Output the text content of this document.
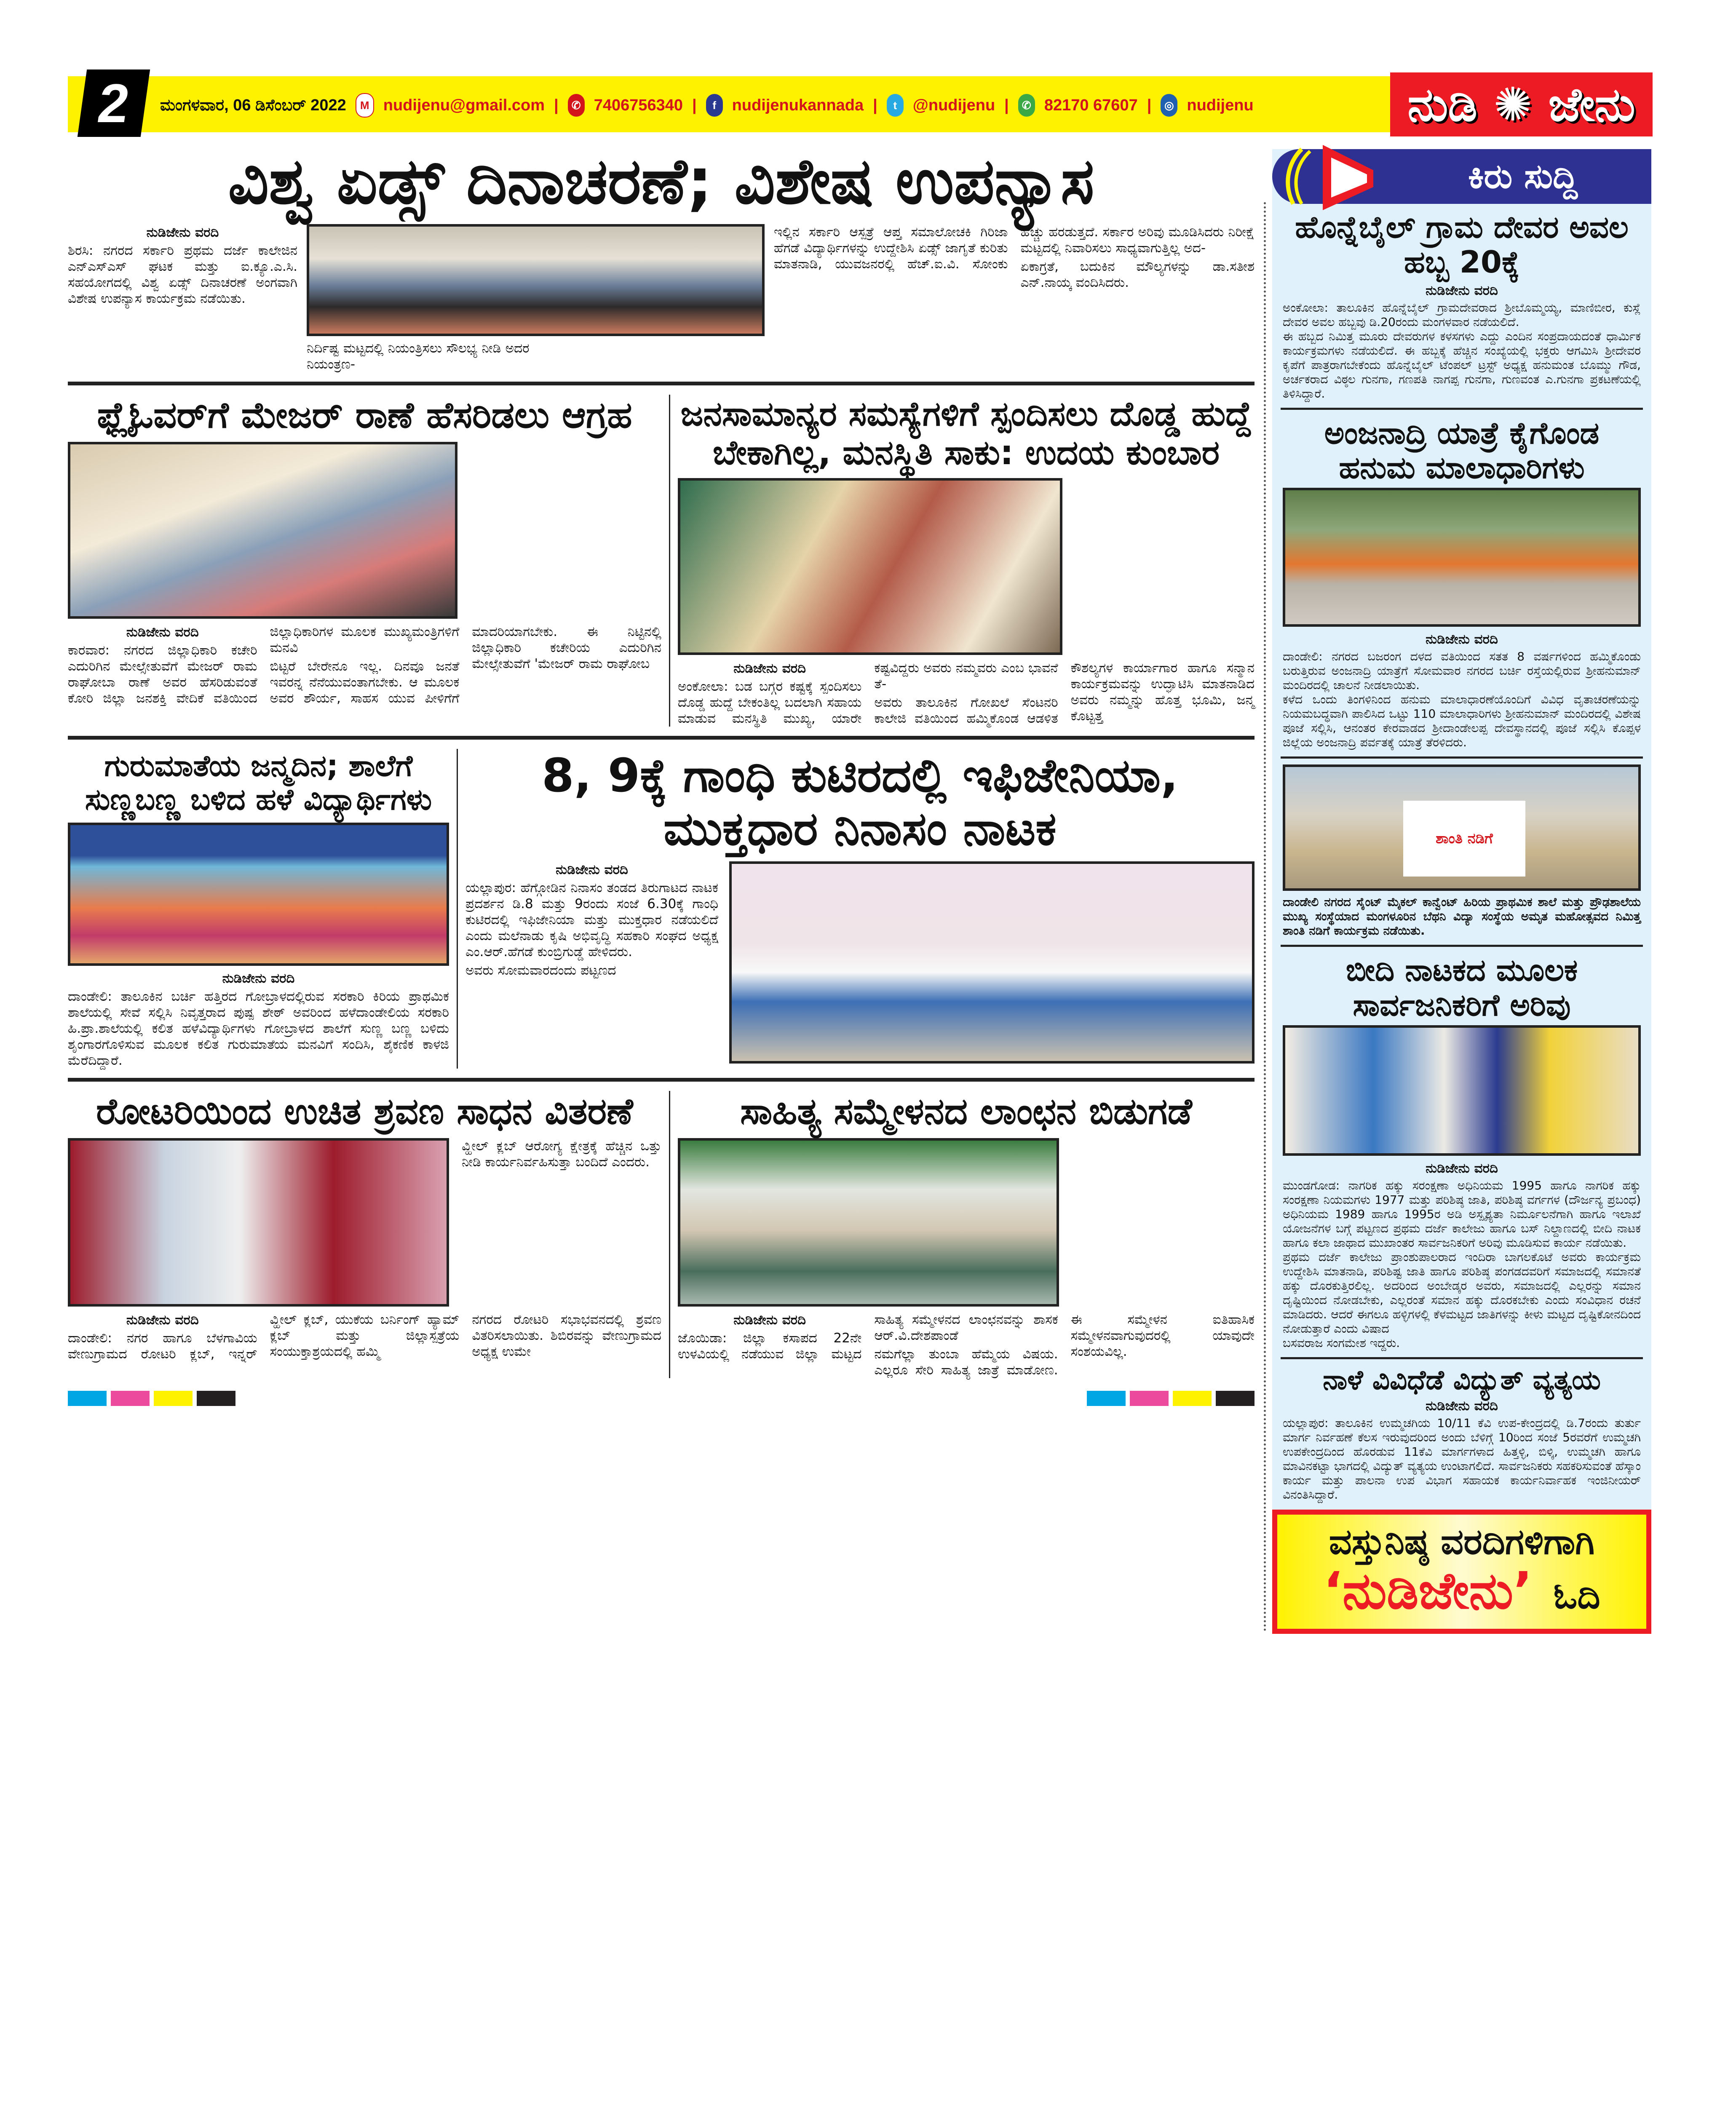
2	ಮಂಗಳವಾರ, 06 ಡಿಸೆಂಬರ್ 2022	M nudijenu@gmail.com |	✆ 7406756340 |	f nudijenukannada |	t @nudijenu |	✆ 82170 67607 |	◎ nudijenu	ನುಡಿ ✺ ಜೇನು
ವಿಶ್ವ ಏಡ್ಸ್ ದಿನಾಚರಣೆ; ವಿಶೇಷ ಉಪನ್ಯಾಸ
ನುಡಿಜೇನು ವರದಿ
ಶಿರಸಿ: ನಗರದ ಸರ್ಕಾರಿ ಪ್ರಥಮ ದರ್ಜೆ ಕಾಲೇಜಿನ ಎನ್‌ಎಸ್‌ಎಸ್ ಘಟಕ ಮತ್ತು ಐ.ಕ್ಯೂ.ಎ.ಸಿ. ಸಹಯೋಗದಲ್ಲಿ ವಿಶ್ವ ಏಡ್ಸ್ ದಿನಾಚರಣೆ ಅಂಗವಾಗಿ ವಿಶೇಷ ಉಪನ್ಯಾಸ ಕಾರ್ಯಕ್ರಮ ನಡೆಯಿತು.
ನಿರ್ದಿಷ್ಟ ಮಟ್ಟದಲ್ಲಿ ನಿಯಂತ್ರಿಸಲು ಸೌಲಭ್ಯ ನೀಡಿ ಅದರ ನಿಯಂತ್ರಣ-

ಇಲ್ಲಿನ ಸರ್ಕಾರಿ ಆಸ್ಪತ್ರೆ ಆಪ್ತ ಸಮಾಲೋಚಕಿ ಗಿರಿಜಾ ಹೆಗಡೆ ವಿದ್ಯಾರ್ಥಿಗಳನ್ನು ಉದ್ದೇಶಿಸಿ ಏಡ್ಸ್ ಜಾಗೃತೆ ಕುರಿತು ಮಾತನಾಡಿ, ಯುವಜನರಲ್ಲಿ ಹೆಚ್.ಐ.ವಿ. ಸೋಂಕು ಹೆಚ್ಚು ಹರಡುತ್ತದೆ. ಸರ್ಕಾರ ಅರಿವು ಮೂಡಿಸಿದರು ನಿರೀಕ್ಷೆ ಮಟ್ಟದಲ್ಲಿ ನಿವಾರಿಸಲು ಸಾಧ್ಯವಾಗುತ್ತಿಲ್ಲ ಅದ-

ಏಕಾಗ್ರತೆ, ಬದುಕಿನ ಮೌಲ್ಯಗಳನ್ನು ಡಾ.ಸತೀಶ ಎನ್.ನಾಯ್ಕ ವಂದಿಸಿದರು.

ಫ್ಲೈಓವರ್‌ಗೆ ಮೇಜರ್ ರಾಣೆ ಹೆಸರಿಡಲು ಆಗ್ರಹ
ನುಡಿಜೇನು ವರದಿ

ಕಾರವಾರ: ನಗರದ ಜಿಲ್ಲಾಧಿಕಾರಿ ಕಚೇರಿ ಎದುರಿಗಿನ ಮೇಲ್ಸೇತುವೆಗೆ ಮೇಜರ್ ರಾಮ ರಾಘೋಬಾ ರಾಣೆ ಅವರ ಹೆಸರಿಡುವಂತೆ ಕೋರಿ ಜಿಲ್ಲಾ ಜನಶಕ್ತಿ ವೇದಿಕೆ ವತಿಯಿಂದ ಜಿಲ್ಲಾಧಿಕಾರಿಗಳ ಮೂಲಕ ಮುಖ್ಯಮಂತ್ರಿಗಳಿಗೆ ಮನವಿ

ಬಿಟ್ಟರೆ ಬೇರೇನೂ ಇಲ್ಲ. ದಿನವೂ ಜನತೆ ಇವರನ್ನ ನೆನೆಯುವಂತಾಗಬೇಕು. ಆ ಮೂಲಕ ಅವರ ಶೌರ್ಯ, ಸಾಹಸ ಯುವ ಪೀಳಿಗೆಗೆ ಮಾದರಿಯಾಗಬೇಕು. ಈ ನಿಟ್ಟಿನಲ್ಲಿ ಜಿಲ್ಲಾಧಿಕಾರಿ ಕಚೇರಿಯ ಎದುರಿಗಿನ ಮೇಲ್ಸೇತುವೆಗೆ 'ಮೇಜರ್ ರಾಮ ರಾಘೋಬ

ಜನಸಾಮಾನ್ಯರ ಸಮಸ್ಯೆಗಳಿಗೆ ಸ್ಪಂದಿಸಲು ದೊಡ್ಡ ಹುದ್ದೆ ಬೇಕಾಗಿಲ್ಲ, ಮನಸ್ಥಿತಿ ಸಾಕು: ಉದಯ ಕುಂಬಾರ
ನುಡಿಜೇನು ವರದಿ

ಅಂಕೋಲಾ: ಬಡ ಬಗ್ಗರ ಕಷ್ಟಕ್ಕೆ ಸ್ಪಂದಿಸಲು ದೊಡ್ಡ ಹುದ್ದೆ ಬೇಕಂತಿಲ್ಲ ಬದಲಾಗಿ ಸಹಾಯ ಮಾಡುವ ಮನಸ್ಥಿತಿ ಮುಖ್ಯ, ಯಾರೇ ಕಷ್ಟವಿದ್ದರು ಅವರು ನಮ್ಮವರು ಎಂಬ ಭಾವನೆ ತೆ-

ಅವರು ತಾಲೂಕಿನ ಗೋಖಲೆ ಸೆಂಟನರಿ ಕಾಲೇಜಿ ವತಿಯಿಂದ ಹಮ್ಮಿಕೊಂಡ ಆಡಳಿತ ಕೌಶಲ್ಯಗಳ ಕಾರ್ಯಾಗಾರ ಹಾಗೂ ಸನ್ಮಾನ ಕಾರ್ಯಕ್ರಮವನ್ನು ಉದ್ಘಾಟಿಸಿ ಮಾತನಾಡಿದ ಅವರು ನಮ್ಮನ್ನು ಹೊತ್ತ ಭೂಮಿ, ಜನ್ಮ ಕೊಟ್ಟತ್ತ

ಗುರುಮಾತೆಯ ಜನ್ಮದಿನ; ಶಾಲೆಗೆ ಸುಣ್ಣಬಣ್ಣ ಬಳಿದ ಹಳೆ ವಿದ್ಯಾರ್ಥಿಗಳು
ನುಡಿಜೇನು ವರದಿ
ದಾಂಡೇಲಿ: ತಾಲೂಕಿನ ಬರ್ಚಿ ಹತ್ತಿರದ ಗೋಬ್ರಾಳದಲ್ಲಿರುವ ಸರಕಾರಿ ಕಿರಿಯ ಪ್ರಾಥಮಿಕ ಶಾಲೆಯಲ್ಲಿ ಸೇವೆ ಸಲ್ಲಿಸಿ ನಿವೃತ್ತರಾದ ಪುಷ್ಪ ಶೇಠ್ ಅವರಿಂದ ಹಳೆದಾಂಡೇಲಿಯ ಸರಕಾರಿ ಹಿ.ಪ್ರಾ.ಶಾಲೆಯಲ್ಲಿ ಕಲಿತ ಹಳೆವಿದ್ಯಾರ್ಥಿಗಳು ಗೋಬ್ರಾಳದ ಶಾಲೆಗೆ ಸುಣ್ಣ ಬಣ್ಣ ಬಳಿದು ಶೃಂಗಾರಗೊಳಿಸುವ ಮೂಲಕ ಕಲಿತ ಗುರುಮಾತೆಯ ಮನವಿಗೆ ಸಂದಿಸಿ, ಶೈಕಣಿಕ ಕಾಳಜಿ ಮೆರೆದಿದ್ದಾರೆ.
8, 9ಕ್ಕೆ ಗಾಂಧಿ ಕುಟಿರದಲ್ಲಿ ಇಫಿಜೇನಿಯಾ, ಮುಕ್ತಧಾರ ನಿನಾಸಂ ನಾಟಕ
ನುಡಿಜೇನು ವರದಿ

ಯಲ್ಲಾಪುರ: ಹೆಗ್ಗೋಡಿನ ನಿನಾಸಂ ತಂಡದ ತಿರುಗಾಟದ ನಾಟಕ ಪ್ರದರ್ಶನ ಡಿ.8 ಮತ್ತು 9ರಂದು ಸಂಜೆ 6.30ಕ್ಕೆ ಗಾಂಧಿ ಕುಟಿರದಲ್ಲಿ ಇಫಿಜೇನಿಯಾ ಮತ್ತು ಮುಕ್ತಧಾರ ನಡೆಯಲಿದೆ ಎಂದು ಮಲೆನಾಡು ಕೃಷಿ ಅಭಿವೃದ್ಧಿ ಸಹಕಾರಿ ಸಂಘದ ಅಧ್ಯಕ್ಷ ಎಂ.ಆರ್.ಹೆಗಡೆ ಕುಂಬ್ರಿಗುಡ್ಡೆ ಹೇಳಿದರು.

ಅವರು ಸೋಮವಾರದಂದು ಪಟ್ಟಣದ

ರೋಟರಿಯಿಂದ ಉಚಿತ ಶ್ರವಣ ಸಾಧನ ವಿತರಣೆ
ವ್ಹೀಲ್ ಕ್ಲಬ್ ಆರೋಗ್ಯ ಕ್ಷೇತ್ರಕ್ಕೆ ಹೆಚ್ಚಿನ ಒತ್ತು ನೀಡಿ ಕಾರ್ಯನಿರ್ವಹಿಸುತ್ತಾ ಬಂದಿದೆ ಎಂದರು.
ನುಡಿಜೇನು ವರದಿ

ದಾಂಡೇಲಿ: ನಗರ ಹಾಗೂ ಬೆಳಗಾವಿಯ ವೇಣುಗ್ರಾಮದ ರೋಟರಿ ಕ್ಲಬ್, ಇನ್ನರ್ ವ್ಹೀಲ್ ಕ್ಲಬ್, ಯುಕೆಯ ಬರ್ನಿಂಗ್ ಹ್ಯಾಮ್ ಕ್ಲಬ್ ಮತ್ತು ಜಿಲ್ಲಾಸ್ಪತ್ರೆಯ ಸಂಯುಕ್ತಾಶ್ರಯದಲ್ಲಿ ಹಮ್ಮಿ

ನಗರದ ರೋಟರಿ ಸಭಾಭವನದಲ್ಲಿ ಶ್ರವಣ ವಿತರಿಸಲಾಯಿತು. ಶಿಬಿರವನ್ನು ವೇಣುಗ್ರಾಮದ ಅಧ್ಯಕ್ಷ ಉಮೇ

ಸಾಹಿತ್ಯ ಸಮ್ಮೇಳನದ ಲಾಂಛನ ಬಿಡುಗಡೆ
ನುಡಿಜೇನು ವರದಿ

ಜೊಯಿಡಾ: ಜಿಲ್ಲಾ ಕಸಾಪದ 22ನೇ ಉಳವಿಯಲ್ಲಿ ನಡೆಯುವ ಜಿಲ್ಲಾ ಮಟ್ಟದ ಸಾಹಿತ್ಯ ಸಮ್ಮೇಳನದ ಲಾಂಛನವನ್ನು ಶಾಸಕ ಆರ್.ವಿ.ದೇಶಪಾಂಡೆ

ನಮಗೆಲ್ಲಾ ತುಂಬಾ ಹೆಮ್ಮೆಯ ವಿಷಯ. ಎಲ್ಲರೂ ಸೇರಿ ಸಾಹಿತ್ಯ ಜಾತ್ರೆ ಮಾಡೋಣ. ಈ ಸಮ್ಮೇಳನ ಐತಿಹಾಸಿಕ ಸಮ್ಮೇಳನವಾಗುವುದರಲ್ಲಿ ಯಾವುದೇ ಸಂಶಯವಿಲ್ಲ.

ಕಿರು ಸುದ್ದಿ
ಹೊನ್ನೆಬೈಲ್ ಗ್ರಾಮ ದೇವರ ಅವಲ ಹಬ್ಬ 20ಕ್ಕೆ
ನುಡಿಜೇನು ವರದಿ

ಅಂಕೋಲಾ: ತಾಲೂಕಿನ ಹೊನ್ನೆಬೈಲ್ ಗ್ರಾಮದೇವರಾದ ಶ್ರೀಬೊಮ್ಮಯ್ಯ, ಮಾಣಿಬೀರ, ಕುಸ್ಲೆ ದೇವರ ಅವಲ ಹಬ್ಬವು ಡಿ.20ರಂದು ಮಂಗಳವಾರ ನಡೆಯಲಿದೆ.

ಈ ಹಬ್ಬದ ನಿಮಿತ್ತ ಮೂರು ದೇವರುಗಳ ಕಳಸಗಳು ಎದ್ದು ಎಂದಿನ ಸಂಪ್ರದಾಯದಂತೆ ಧಾರ್ಮಿಕ ಕಾರ್ಯಕ್ರಮಗಳು ನಡೆಯಲಿದೆ. ಈ ಹಬ್ಬಕ್ಕೆ ಹೆಚ್ಚಿನ ಸಂಖ್ಯೆಯಲ್ಲಿ ಭಕ್ತರು ಆಗಮಿಸಿ ಶ್ರೀದೇವರ ಕೃಪೆಗೆ ಪಾತ್ರರಾಗಬೇಕೆಂದು ಹೊನ್ನೆಬೈಲ್ ಟೆಂಪಲ್ ಟ್ರಸ್ಟ್ ಅಧ್ಯಕ್ಷ ಹನುಮಂತ ಬೊಮ್ಮು ಗೌಡ, ಅರ್ಚಕರಾದ ವಿಠ್ಠಲ ಗುನಗಾ, ಗಣಪತಿ ನಾಗಪ್ಪ ಗುನಗಾ, ಗುಣವಂತ ಎ.ಗುನಗಾ ಪ್ರಕಟಣೆಯಲ್ಲಿ ತಿಳಿಸಿದ್ದಾರೆ.

ಅಂಜನಾದ್ರಿ ಯಾತ್ರೆ ಕೈಗೊಂಡ ಹನುಮ ಮಾಲಾಧಾರಿಗಳು
ನುಡಿಜೇನು ವರದಿ

ದಾಂಡೇಲಿ: ನಗರದ ಬಜರಂಗ ದಳದ ವತಿಯಿಂದ ಸತತ 8 ವರ್ಷಗಳಿಂದ ಹಮ್ಮಿಕೊಂಡು ಬರುತ್ತಿರುವ ಅಂಜನಾದ್ರಿ ಯಾತ್ರೆಗೆ ಸೋಮವಾರ ನಗರದ ಬರ್ಚಿ ರಸ್ತೆಯಲ್ಲಿರುವ ಶ್ರೀಹನುಮಾನ್ ಮಂದಿರದಲ್ಲಿ ಚಾಲನೆ ನೀಡಲಾಯಿತು.

ಕಳೆದ ಒಂದು ತಿಂಗಳಿನಿಂದ ಹನುಮ ಮಾಲಾಧಾರಣೆಯೊಂದಿಗೆ ವಿವಿಧ ವೃತಾಚರಣೆಯನ್ನು ನಿಯಮಬದ್ಧವಾಗಿ ಪಾಲಿಸಿದ ಒಟ್ಟು 110 ಮಾಲಾಧಾರಿಗಳು ಶ್ರೀಹನುಮಾನ್ ಮಂದಿರದಲ್ಲಿ ವಿಶೇಷ ಪೂಜೆ ಸಲ್ಲಿಸಿ, ಆನಂತರ ಕೇರವಾಡದ ಶ್ರೀದಾಂಡೇಲಪ್ಪ ದೇವಸ್ಥಾನದಲ್ಲಿ ಪೂಜೆ ಸಲ್ಲಿಸಿ ಕೊಪ್ಪಳ ಜಿಲ್ಲೆಯ ಅಂಜನಾದ್ರಿ ಪರ್ವತಕ್ಕೆ ಯಾತ್ರೆ ತೆರಳಿದರು.

ಶಾಂತಿ ನಡಿಗೆ
ದಾಂಡೇಲಿ ನಗರದ ಸೈಂಟ್ ಮೈಕಲ್ ಕಾನ್ವೆಂಟ್ ಹಿರಿಯ ಪ್ರಾಥಮಿಕ ಶಾಲೆ ಮತ್ತು ಪ್ರೌಢಶಾಲೆಯ ಮುಖ್ಯ ಸಂಸ್ಥೆಯಾದ ಮಂಗಳೂರಿನ ಬೆಥನಿ ವಿದ್ಯಾ ಸಂಸ್ಥೆಯ ಅಮೃತ ಮಹೋತ್ಸವದ ನಿಮಿತ್ತ ಶಾಂತಿ ನಡಿಗೆ ಕಾರ್ಯಕ್ರಮ ನಡೆಯಿತು.
ಬೀದಿ ನಾಟಕದ ಮೂಲಕ ಸಾರ್ವಜನಿಕರಿಗೆ ಅರಿವು
ನುಡಿಜೇನು ವರದಿ

ಮುಂಡಗೋಡ: ನಾಗರಿಕ ಹಕ್ಕು ಸರಂಕ್ಷಣಾ ಅಧಿನಿಯಮ 1995 ಹಾಗೂ ನಾಗರಿಕ ಹಕ್ಕು ಸಂರಕ್ಷಣಾ ನಿಯಮಗಳು 1977 ಮತ್ತು ಪರಿಶಿಷ್ಠ ಜಾತಿ, ಪರಿಶಿಷ್ಠ ವರ್ಗಗಳ (ದೌರ್ಜನ್ಯ ಪ್ರಬಂಧ) ಅಧಿನಿಯಮ 1989 ಹಾಗೂ 1995ರ ಅಡಿ ಅಸ್ಪೃಶ್ಯತಾ ನಿರ್ಮೂಲನೆಗಾಗಿ ಹಾಗೂ ಇಲಾಖೆ ಯೋಜನೆಗಳ ಬಗ್ಗೆ ಪಟ್ಟಣದ ಪ್ರಥಮ ದರ್ಜೆ ಕಾಲೇಜು ಹಾಗೂ ಬಸ್ ನಿಲ್ದಾಣದಲ್ಲಿ ಬೀದಿ ನಾಟಕ ಹಾಗೂ ಕಲಾ ಜಾಥಾದ ಮುಖಾಂತರ ಸಾರ್ವಜನಿಕರಿಗೆ ಅರಿವು ಮೂಡಿಸುವ ಕಾರ್ಯ ನಡೆಯಿತು.

ಪ್ರಥಮ ದರ್ಜೆ ಕಾಲೇಜು ಪ್ರಾಂಶುಪಾಲರಾದ ಇಂದಿರಾ ಬಾಗಲಕೊಟೆ ಅವರು ಕಾರ್ಯಕ್ರಮ ಉದ್ದೇಶಿಸಿ ಮಾತನಾಡಿ, ಪರಿಶಿಷ್ಟ ಜಾತಿ ಹಾಗೂ ಪರಿಶಿಷ್ಠ ಪಂಗಡದವರಿಗೆ ಸಮಾಜದಲ್ಲಿ ಸಮಾನತೆ ಹಕ್ಕು ದೊರಕುತ್ತಿರಲಿಲ್ಲ. ಅದರಿಂದ ಅಂಬೇಡ್ಕರ ಅವರು, ಸಮಾಜದಲ್ಲಿ ಎಲ್ಲರನ್ನು ಸಮಾನ ದೃಷ್ಟಿಯಿಂದ ನೋಡಬೇಕು, ಎಲ್ಲರಂತೆ ಸಮಾನ ಹಕ್ಕು ದೊರಕಬೇಕು ಎಂದು ಸಂವಿಧಾನ ರಚನೆ ಮಾಡಿದರು. ಆದರೆ ಈಗಲೂ ಹಳ್ಳಿಗಳಲ್ಲಿ ಕೆಳಮಟ್ಟದ ಜಾತಿಗಳನ್ನು ಕೀಳು ಮಟ್ಟದ ದೃಷ್ಟಿಕೋನದಿಂದ ನೋಡುತ್ತಾರೆ ಎಂದು ವಿಷಾದ

ಬಸವರಾಜ ಸಂಗಮೇಶ ಇದ್ದರು.

ನಾಳೆ ವಿವಿಧೆಡೆ ವಿದ್ಯುತ್ ವ್ಯತ್ಯಯ
ನುಡಿಜೇನು ವರದಿ
ಯಲ್ಲಾಪುರ: ತಾಲೂಕಿನ ಉಮ್ಮಚಗಿಯ 10/11 ಕೆವಿ ಉಪ-ಕೇಂದ್ರದಲ್ಲಿ ಡಿ.7ರಂದು ತುರ್ತು ಮಾರ್ಗ ನಿರ್ವಹಣೆ ಕೆಲಸ ಇರುವುದರಿಂದ ಅಂದು ಬೆಳಿಗ್ಗೆ 10ರಿಂದ ಸಂಜೆ 5ರವರೆಗೆ ಉಮ್ಮಚಗಿ ಉಪಕೇಂದ್ರದಿಂದ ಹೊರಡುವ 11ಕೆವಿ ಮಾರ್ಗಗಳಾದ ಹಿತ್ತಳ್ಳಿ, ಬಿಳ್ಕಿ, ಉಮ್ಮಚಗಿ ಹಾಗೂ ಮಾವಿನಕಟ್ಟಾ ಭಾಗದಲ್ಲಿ ವಿದ್ಯುತ್ ವ್ಯತ್ಯಯ ಉಂಟಾಗಲಿದೆ. ಸಾರ್ವಜನಿಕರು ಸಹಕರಿಸುವಂತೆ ಹೆಸ್ಕಾಂ ಕಾರ್ಯ ಮತ್ತು ಪಾಲನಾ ಉಪ ವಿಭಾಗ ಸಹಾಯಕ ಕಾರ್ಯನಿರ್ವಾಹಕ ಇಂಜಿನೀಯರ್ ವಿನಂತಿಸಿದ್ದಾರೆ.
ವಸ್ತುನಿಷ್ಠ ವರದಿಗಳಿಗಾಗಿ
‘ನುಡಿಜೇನು’ ಓದಿ
